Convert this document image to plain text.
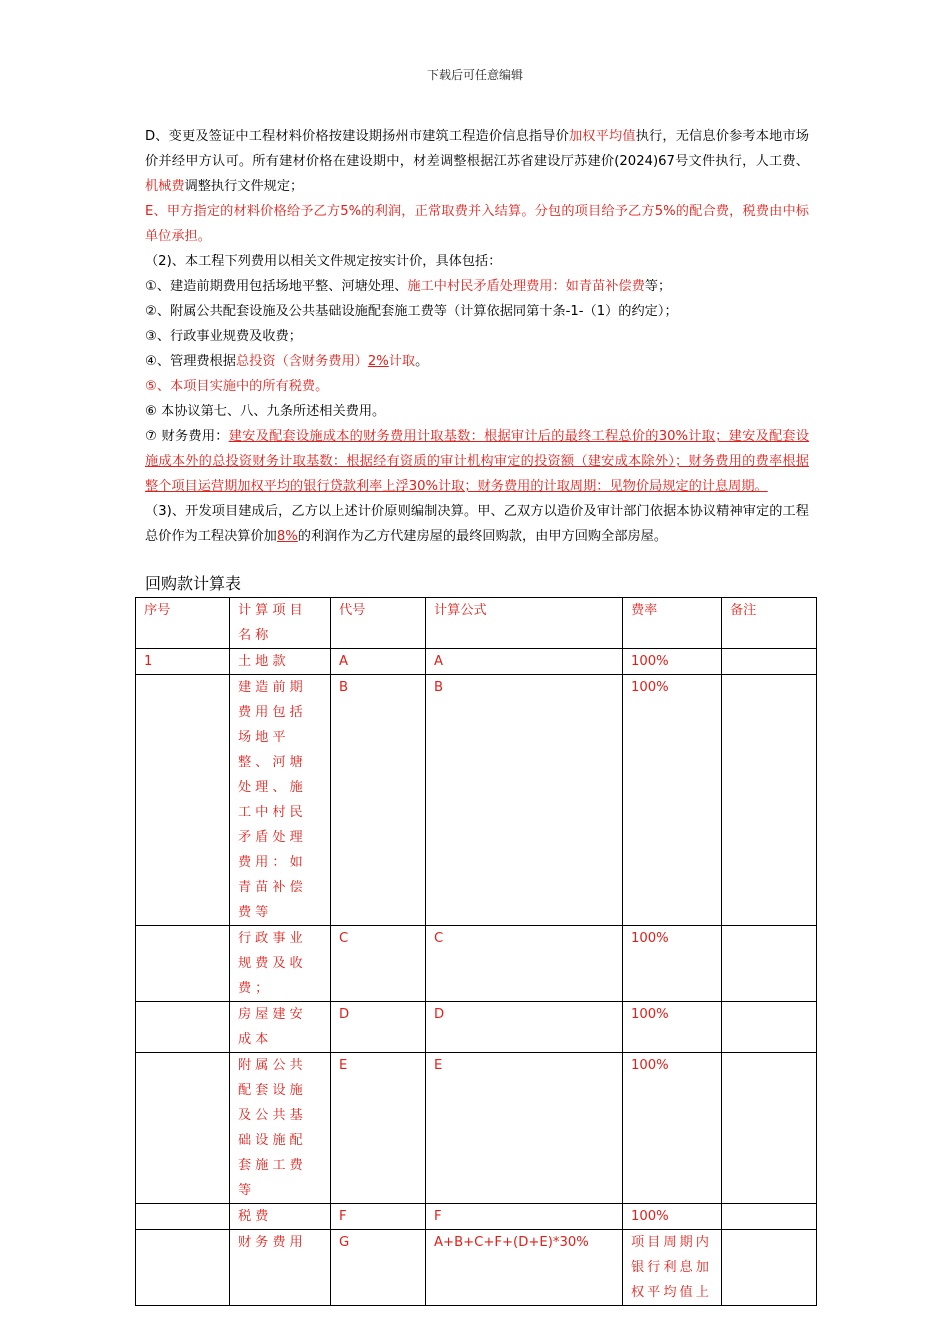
下载后可任意编辑

D、变更及签证中工程材料价格按建设期扬州市建筑工程造价信息指导价加权平均值执行，无信息价参考本地市场价并经甲方认可。所有建材价格在建设期中，材差调整根据江苏省建设厅苏建价(2024)67号文件执行，人工费、机械费调整执行文件规定；

E、甲方指定的材料价格给予乙方5%的利润，正常取费并入结算。分包的项目给予乙方5%的配合费，税费由中标单位承担。

（2)、本工程下列费用以相关文件规定按实计价，具体包括：

①、建造前期费用包括场地平整、河塘处理、施工中村民矛盾处理费用：如青苗补偿费等；

②、附属公共配套设施及公共基础设施配套施工费等（计算依据同第十条-1-（1）的约定）；

③、行政事业规费及收费；

④、管理费根据总投资（含财务费用）2%计取。

⑤、本项目实施中的所有税费。

⑥ 本协议第七、八、九条所述相关费用。

⑦ 财务费用：建安及配套设施成本的财务费用计取基数：根据审计后的最终工程总价的30%计取；建安及配套设施成本外的总投资财务计取基数：根据经有资质的审计机构审定的投资额（建安成本除外）；财务费用的费率根据整个项目运营期加权平均的银行贷款利率上浮30%计取；财务费用的计取周期：见物价局规定的计息周期。

（3)、开发项目建成后，乙方以上述计价原则编制决算。甲、乙双方以造价及审计部门依据本协议精神审定的工程总价作为工程决算价加8%的利润作为乙方代建房屋的最终回购款，由甲方回购全部房屋。

回购款计算表
序号	计算项目名称	代号	计算公式	费率	备注
1	土地款	A	A	100%	
	建造前期费用包括场地平整、河塘处理、施工中村民矛盾处理费用：如青苗补偿费等	B	B	100%	
	行政事业规费及收费；	C	C	100%	
	房屋建安成本	D	D	100%	
	附属公共配套设施及公共基础设施配套施工费等	E	E	100%	
	税费	F	F	100%	
	财务费用	G	A+B+C+F+(D+E)*30%	项目周期内银行利息加权平均值上	
